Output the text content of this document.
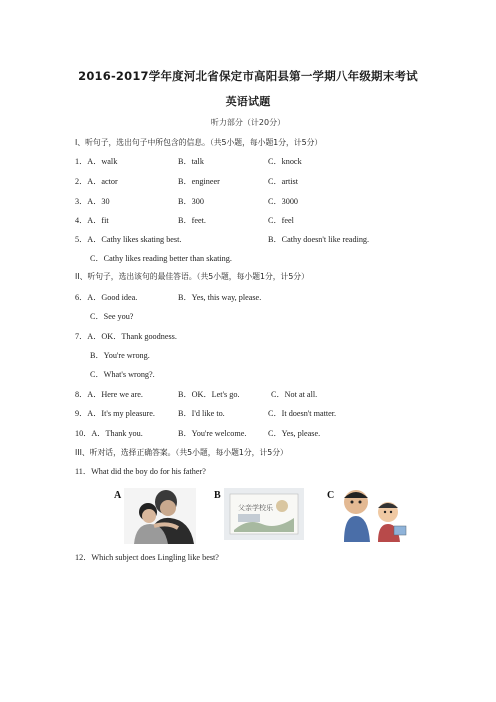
2016-2017学年度河北省保定市高阳县第一学期八年级期末考试
英语试题
听力部分（计20分）
I、听句子，选出句子中所包含的信息。（共5小题，每小题1分，计5分）
1．A．walk	B．talk	C．knock
2．A．actor	B．engineer	C．artist
3．A．30	B．300	C．3000
4．A．fit	B．feet.	C．feel
5．A．Cathy likes skating best.	B．Cathy doesn't like reading.
C．Cathy likes reading better than skating.
II、听句子，选出该句的最佳答语。（共5小题，每小题1分，计5分）
6．A．Good idea.	B．Yes, this way, please.
C．See you?
7．A．OK．Thank goodness.
B．You're wrong.
C．What's wrong?.
8．A．Here we are.	B．OK．Let's go.	C．Not at all.
9．A．It's my pleasure.	B．I'd like to.	C．It doesn't matter.
10．A．Thank you.	B．You're welcome.	C．Yes, please.
III、听对话，选择正确答案。（共5小题，每小题1分，计5分）
11．What did the boy do for his father?
A	B	C
父亲学校乐
12．Which subject does Lingling like best?
